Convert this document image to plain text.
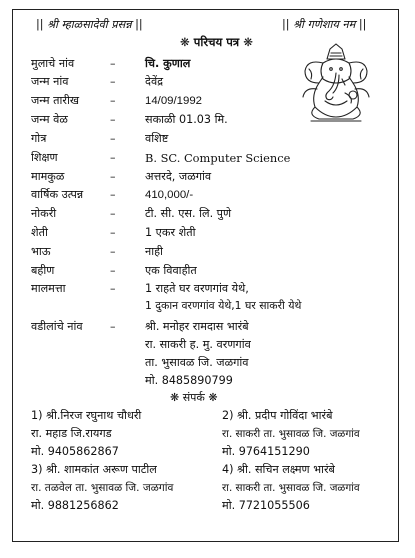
|| श्री म्हाळसादेवी प्रसन्न ||	|| श्री गणेशाय नम ||
❋ परिचय पत्र ❋
मुलाचे नांव	–	चि. कुणाल
जन्म नांव	–	देवेंद्र
जन्म तारीख	–	14/09/1992
जन्म वेळ	–	सकाळी 01.03 मि.
गोत्र	–	वशिष्ट
शिक्षण	–	B. SC. Computer Science
मामकुळ	–	अत्तरदे, जळगांव
वार्षिक उत्पन्न –	410,000/-
नोकरी	–	टी. सी. एस. लि. पुणे
शेती	–	1 एकर शेती
भाऊ	–	नाही
बहीण	–	एक विवाहीत
मालमत्ता	–	1 राहते घर वरणगांव येथे,
1 दुकान वरणगांव येथे,1 घर साकरी येथे
वडीलांचे नांव –	श्री. मनोहर रामदास भारंबे
रा. साकरी ह. मु. वरणगांव
ता. भुसावळ जि. जळगांव
मो. 8485890799
❋ संपर्क ❋
1) श्री.निरज रघुनाथ चौधरी
रा. महाड जि.रायगड
मो. 9405862867
2) श्री. प्रदीप गोविंदा भारंबे
रा. साकरी ता. भुसावळ जि. जळगांव
मो. 9764151290
3) श्री. शामकांत अरूण पाटील
रा. तळवेल ता. भुसावळ जि. जळगांव
मो. 9881256862
4) श्री. सचिन लक्ष्मण भारंबे
रा. साकरी ता. भुसावळ जि. जळगांव
मो. 7721055506
